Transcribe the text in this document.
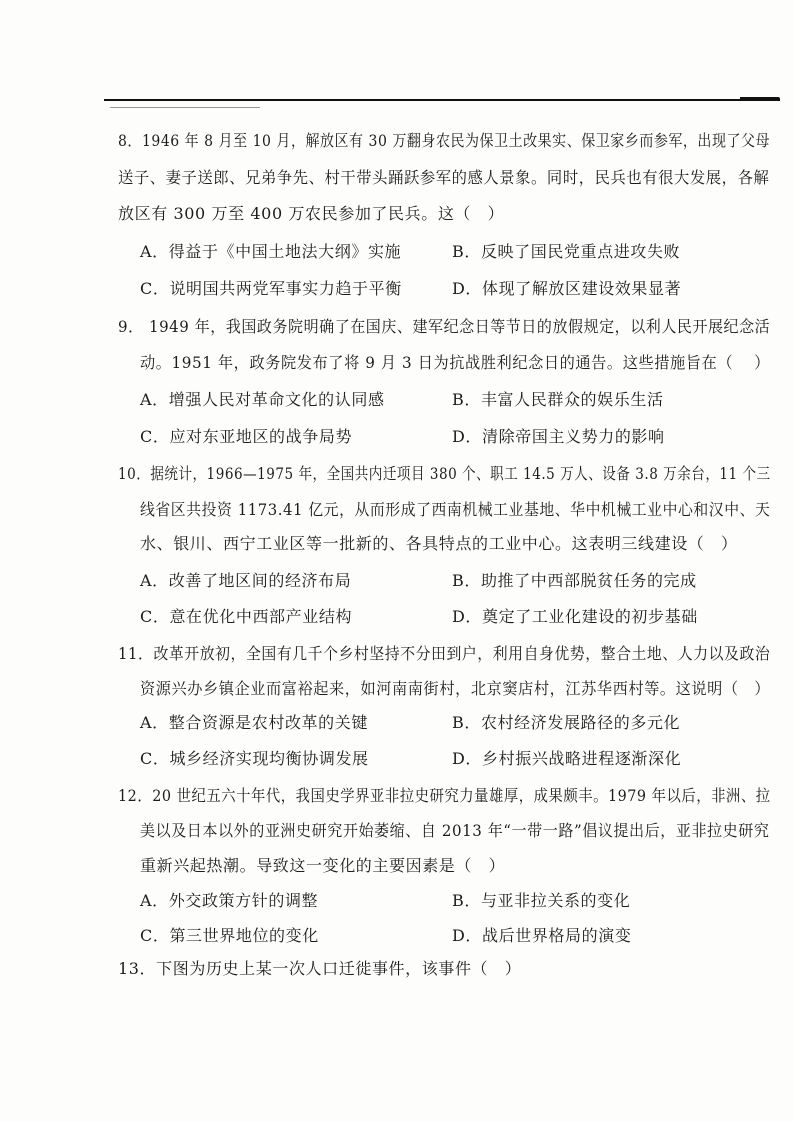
8．1946 年 8 月至 10 月，解放区有 30 万翻身农民为保卫土改果实、保卫家乡而参军，出现了父母
送子、妻子送郎、兄弟争先、村干带头踊跃参军的感人景象。同时，民兵也有很大发展，各解
放区有 300 万至 400 万农民参加了民兵。这（　）
A．得益于《中国土地法大纲》实施	B．反映了国民党重点进攻失败
C．说明国共两党军事实力趋于平衡	D．体现了解放区建设效果显著
9． 1949 年，我国政务院明确了在国庆、建军纪念日等节日的放假规定，以利人民开展纪念活
动。1951 年，政务院发布了将 9 月 3 日为抗战胜利纪念日的通告。这些措施旨在（　 ）
A．增强人民对革命文化的认同感	B．丰富人民群众的娱乐生活
C．应对东亚地区的战争局势	D．清除帝国主义势力的影响
10．据统计，1966—1975 年，全国共内迁项目 380 个、职工 14.5 万人、设备 3.8 万余台，11 个三
线省区共投资 1173.41 亿元，从而形成了西南机械工业基地、华中机械工业中心和汉中、天
水、银川、西宁工业区等一批新的、各具特点的工业中心。这表明三线建设（　）
A．改善了地区间的经济布局	B．助推了中西部脱贫任务的完成
C．意在优化中西部产业结构	D．奠定了工业化建设的初步基础
11．改革开放初，全国有几千个乡村坚持不分田到户，利用自身优势，整合土地、人力以及政治
资源兴办乡镇企业而富裕起来，如河南南街村，北京窦店村，江苏华西村等。这说明（　）
A．整合资源是农村改革的关键	B．农村经济发展路径的多元化
C．城乡经济实现均衡协调发展	D．乡村振兴战略进程逐渐深化
12．20 世纪五六十年代，我国史学界亚非拉史研究力量雄厚，成果颇丰。1979 年以后，非洲、拉
美以及日本以外的亚洲史研究开始萎缩、自 2013 年“一带一路”倡议提出后，亚非拉史研究
重新兴起热潮。导致这一变化的主要因素是（　）
A．外交政策方针的调整	B．与亚非拉关系的变化
C．第三世界地位的变化	D．战后世界格局的演变
13．下图为历史上某一次人口迁徙事件，该事件（　）
